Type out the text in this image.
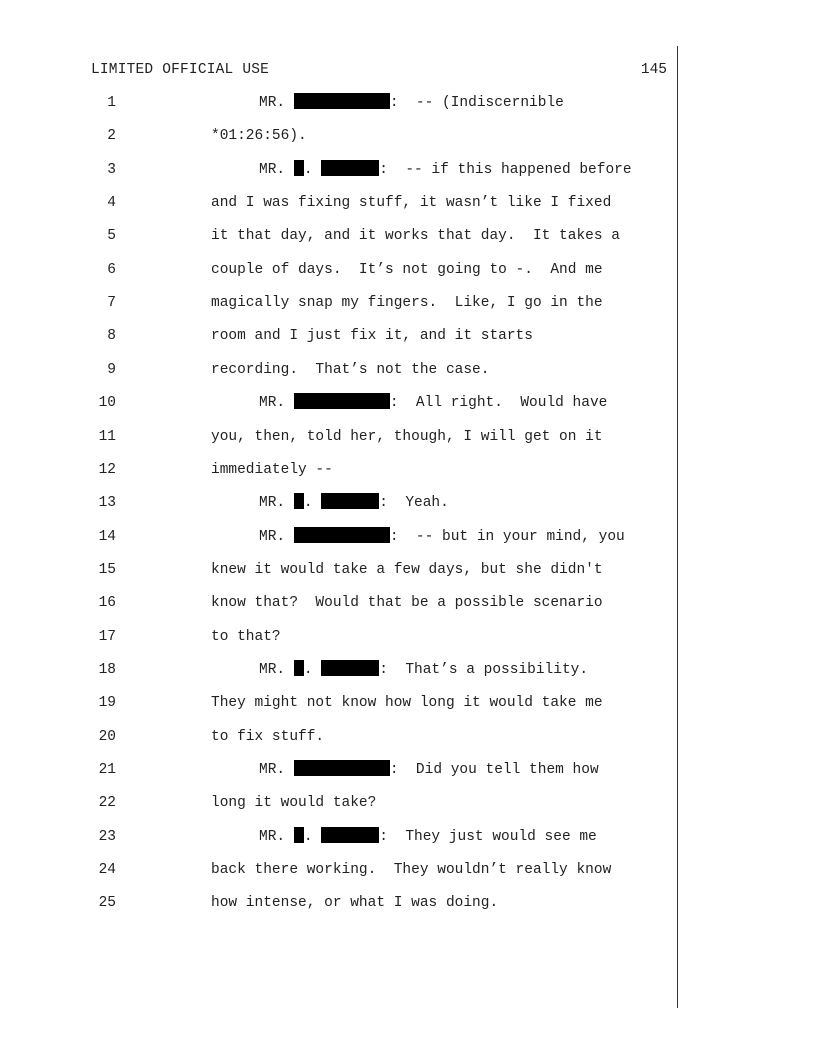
LIMITED OFFICIAL USE	145
1	MR.	:  -- (Indiscernible
2	*01:26:56).
3	MR. .	:  -- if this happened before
4	and I was fixing stuff, it wasn’t like I fixed
5	it that day, and it works that day.  It takes a
6	couple of days.  It’s not going to -.  And me
7	magically snap my fingers.  Like, I go in the
8	room and I just fix it, and it starts
9	recording.  That’s not the case.
10	MR.	:  All right.  Would have
11	you, then, told her, though, I will get on it
12	immediately --
13	MR. .	:  Yeah.
14	MR.	:  -- but in your mind, you
15	knew it would take a few days, but she didn't
16	know that?  Would that be a possible scenario
17	to that?
18	MR. .	:  That’s a possibility.
19	They might not know how long it would take me
20	to fix stuff.
21	MR.	:  Did you tell them how
22	long it would take?
23	MR. .	:  They just would see me
24	back there working.  They wouldn’t really know
25	how intense, or what I was doing.
